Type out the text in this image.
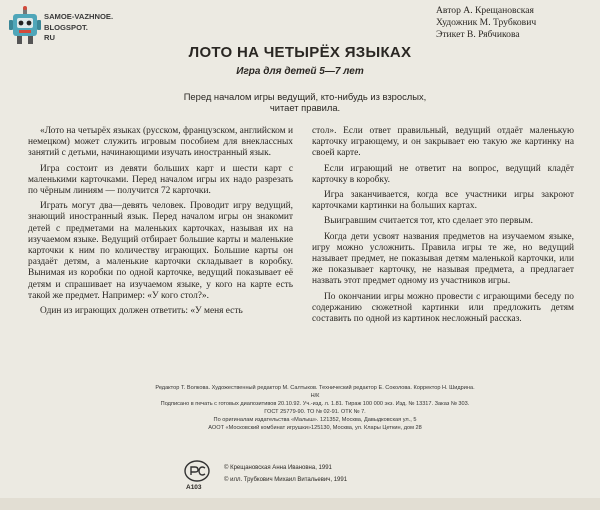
SAMOE-VAZHNOE.
BLOGSPOT.
RU
Автор А. Крещановская
Художник М. Трубкович
Этикет В. Рябчикова
ЛОТО НА ЧЕТЫРЁХ ЯЗЫКАХ
Игра для детей 5—7 лет
Перед началом игры ведущий, кто-нибудь из взрослых, читает правила.

«Лото на четырёх языках (русском, французском, английском и немецком) может служить игровым пособием для внеклассных занятий с детьми, начинающими изучать иностранный язык.

Игра состоит из девяти больших карт и шести карт с маленькими карточками. Перед началом игры их надо разрезать по чёрным линиям — получится 72 карточки.

Играть могут два—девять человек. Проводит игру ведущий, знающий иностранный язык. Перед началом игры он знакомит детей с предметами на маленьких карточках, называя их на изучаемом языке. Ведущий отбирает большие карты и маленькие карточки к ним по количеству играющих. Большие карты он раздаёт детям, а маленькие карточки складывает в коробку. Вынимая из коробки по одной карточке, ведущий показывает её детям и спрашивает на изучаемом языке, у кого на карте есть такой же предмет. Например: «У кого стол?».

Один из играющих должен ответить: «У меня есть

стол». Если ответ правильный, ведущий отдаёт маленькую карточку играющему, и он закрывает ею такую же картинку на своей карте.

Если играющий не ответит на вопрос, ведущий кладёт карточку в коробку.

Игра заканчивается, когда все участники игры закроют карточками картинки на больших картах.

Выигравшим считается тот, кто сделает это первым.

Когда дети усвоят названия предметов на изучаемом языке, игру можно усложнить. Правила игры те же, но ведущий называет предмет, не показывая детям маленькой карточки, или же показывает карточку, не называя предмета, а предлагает назвать этот предмет одному из участников игры.

По окончании игры можно провести с играющими беседу по содержанию сюжетной картинки или предложить детям составить по одной из картинок несложный рассказ.

Редактор Т. Волкова. Художественный редактор М. Салтыков. Технический редактор Е. Соколова. Корректор Н. Шидрина.
Н/К
Подписано в печать с готовых диапозитивов 20.10.92. Уч.-изд. л. 1.81. Тираж 100 000 экз. Изд. № 13317. Заказ № 303.
ГОСТ 25779-90. ТО № 02-91. ОТК № 7.
По оригиналам издательства «Малыш». 121352, Москва, Давыдковская ул., 5
АООТ «Московский комбинат игрушки»125130, Москва, ул. Клары Цеткин, дом 28
А103
© Крещановская Анна Ивановна, 1991
© илл. Трубкович Михаил Витальевич, 1991
